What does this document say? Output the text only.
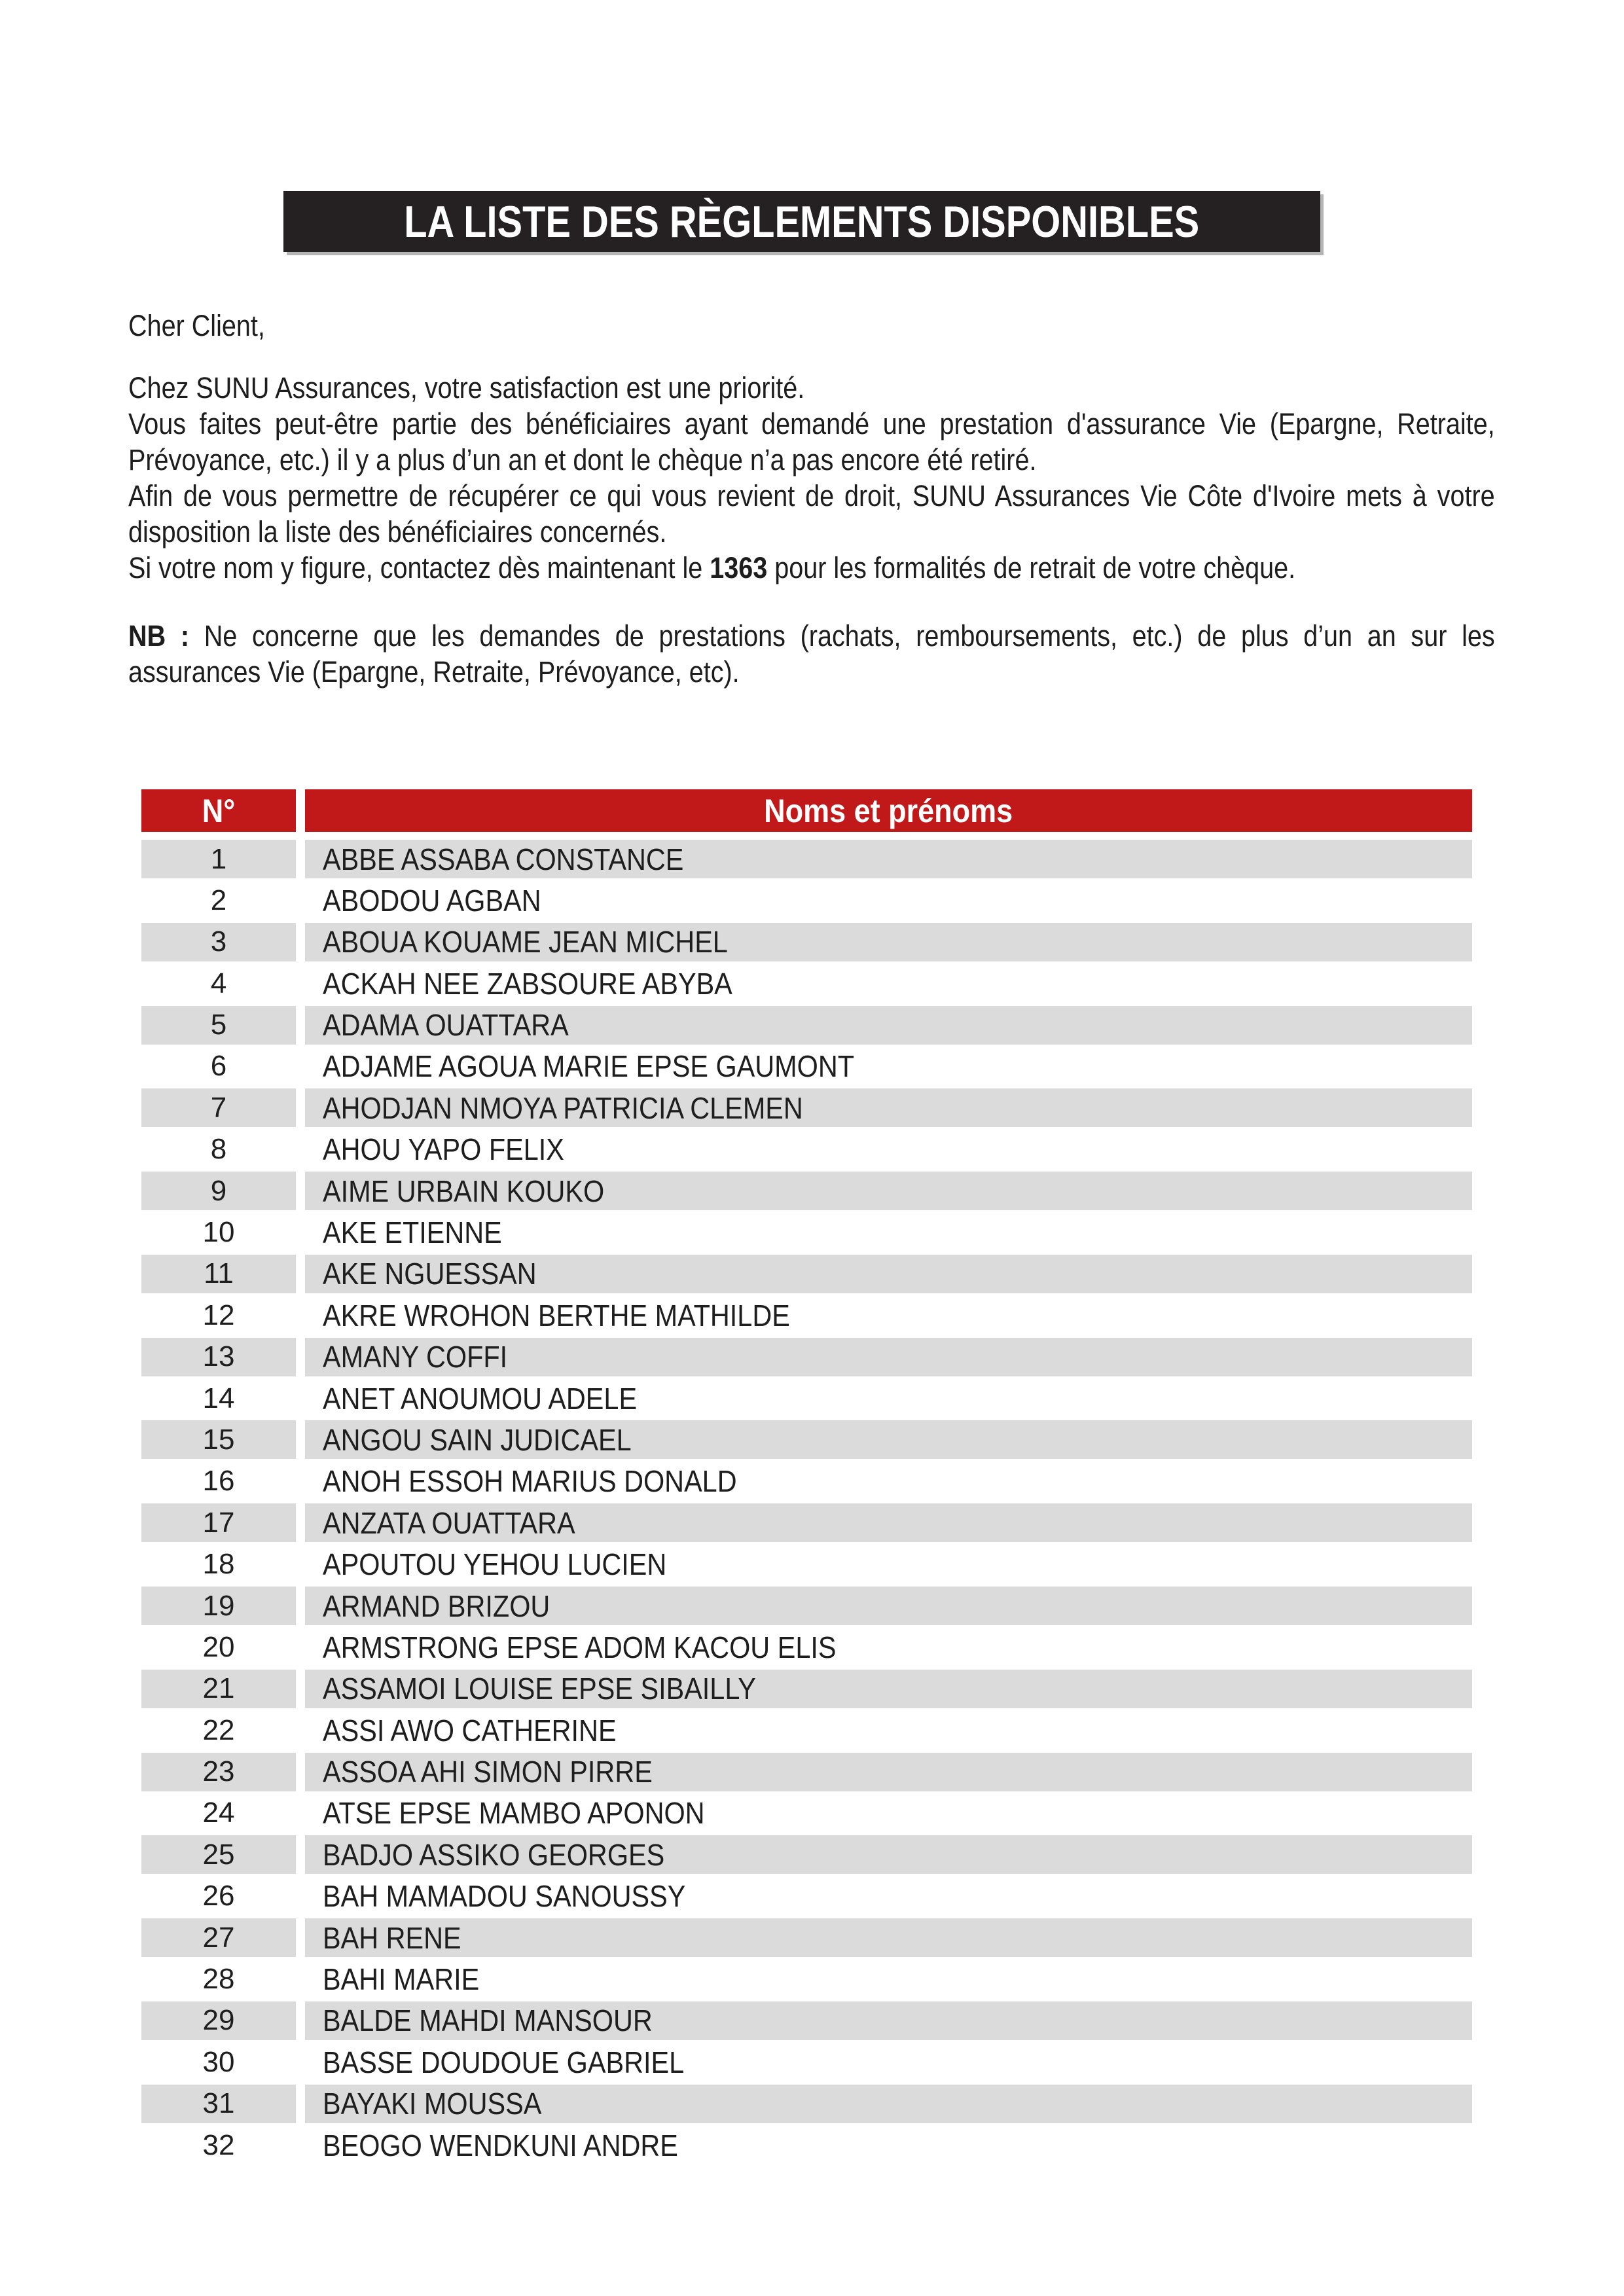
LA LISTE DES RÈGLEMENTS DISPONIBLES

Cher Client,

Chez SUNU Assurances, votre satisfaction est une priorité.

Vous faites peut-être partie des bénéficiaires ayant demandé une prestation d'assurance Vie (Epargne, Retraite, Prévoyance, etc.) il y a plus d’un an et dont le chèque n’a pas encore été retiré.

Afin de vous permettre de récupérer ce qui vous revient de droit, SUNU Assurances Vie Côte d'Ivoire mets à votre disposition la liste des bénéficiaires concernés.

Si votre nom y figure, contactez dès maintenant le 1363 pour les formalités de retrait de votre chèque.

NB : Ne concerne que les demandes de prestations (rachats, remboursements, etc.) de plus d’un an sur les assurances Vie (Epargne, Retraite, Prévoyance, etc).

N°	Noms et prénoms
1	ABBE ASSABA CONSTANCE
2	ABODOU AGBAN
3	ABOUA KOUAME JEAN MICHEL
4	ACKAH NEE ZABSOURE ABYBA
5	ADAMA OUATTARA
6	ADJAME AGOUA MARIE EPSE GAUMONT
7	AHODJAN NMOYA PATRICIA CLEMEN
8	AHOU YAPO FELIX
9	AIME URBAIN KOUKO
10	AKE ETIENNE
11	AKE NGUESSAN
12	AKRE WROHON BERTHE MATHILDE
13	AMANY COFFI
14	ANET ANOUMOU ADELE
15	ANGOU SAIN JUDICAEL
16	ANOH ESSOH MARIUS DONALD
17	ANZATA OUATTARA
18	APOUTOU YEHOU LUCIEN
19	ARMAND BRIZOU
20	ARMSTRONG EPSE ADOM KACOU ELIS
21	ASSAMOI LOUISE EPSE SIBAILLY
22	ASSI AWO CATHERINE
23	ASSOA AHI SIMON PIRRE
24	ATSE EPSE MAMBO APONON
25	BADJO ASSIKO GEORGES
26	BAH MAMADOU SANOUSSY
27	BAH RENE
28	BAHI MARIE
29	BALDE MAHDI MANSOUR
30	BASSE DOUDOUE GABRIEL
31	BAYAKI MOUSSA
32	BEOGO WENDKUNI ANDRE
